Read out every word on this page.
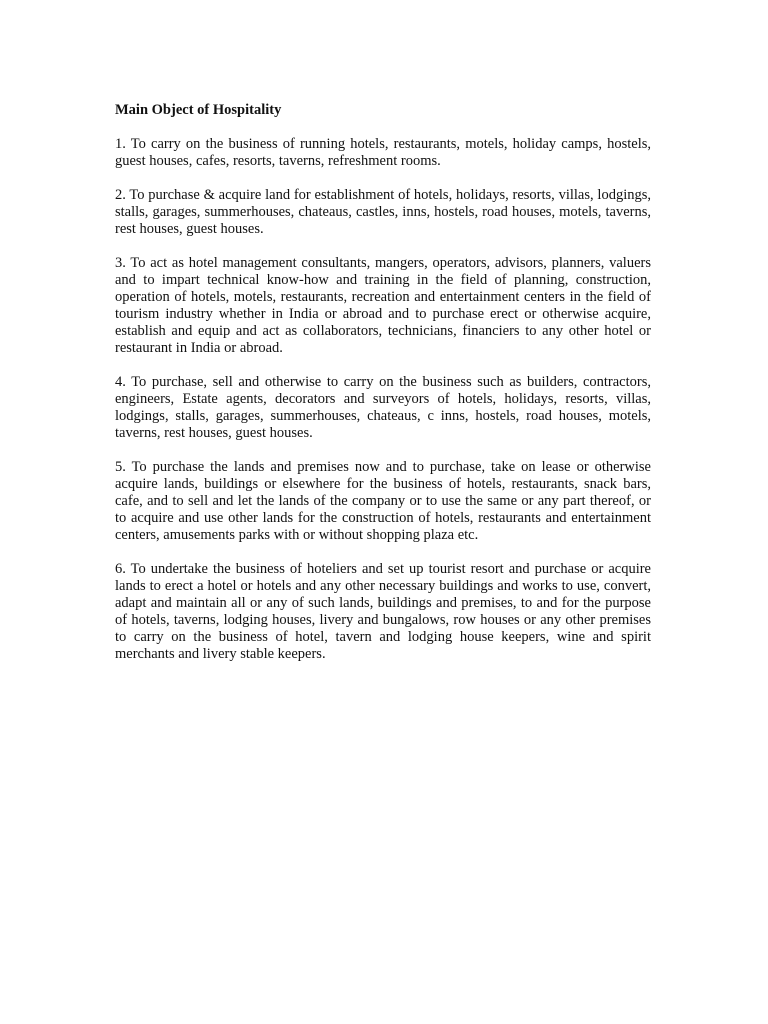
Main Object of Hospitality

1. To carry on the business of running hotels, restaurants, motels, holiday camps, hostels, guest houses, cafes, resorts, taverns, refreshment rooms.

2. To purchase & acquire land for establishment of hotels, holidays, resorts, villas, lodgings, stalls, garages, summerhouses, chateaus, castles, inns, hostels, road houses, motels, taverns, rest houses, guest houses.

3. To act as hotel management consultants, mangers, operators, advisors, planners, valuers and to impart technical know-how and training in the field of planning, construction, operation of hotels, motels, restaurants, recreation and entertainment centers in the field of tourism industry whether in India or abroad and to purchase erect or otherwise acquire, establish and equip and act as collaborators, technicians, financiers to any other hotel or restaurant in India or abroad.

4. To purchase, sell and otherwise to carry on the business such as builders, contractors, engineers, Estate agents, decorators and surveyors of hotels, holidays, resorts, villas, lodgings, stalls, garages, summerhouses, chateaus, c inns, hostels, road houses, motels, taverns, rest houses, guest houses.

5. To purchase the lands and premises now and to purchase, take on lease or otherwise acquire lands, buildings or elsewhere for the business of hotels, restaurants, snack bars, cafe, and to sell and let the lands of the company or to use the same or any part thereof, or to acquire and use other lands for the construction of hotels, restaurants and entertainment centers, amusements parks with or without shopping plaza etc.

6. To undertake the business of hoteliers and set up tourist resort and purchase or acquire lands to erect a hotel or hotels and any other necessary buildings and works to use, convert, adapt and maintain all or any of such lands, buildings and premises, to and for the purpose of hotels, taverns, lodging houses, livery and bungalows, row houses or any other premises to carry on the business of hotel, tavern and lodging house keepers, wine and spirit merchants and livery stable keepers.
